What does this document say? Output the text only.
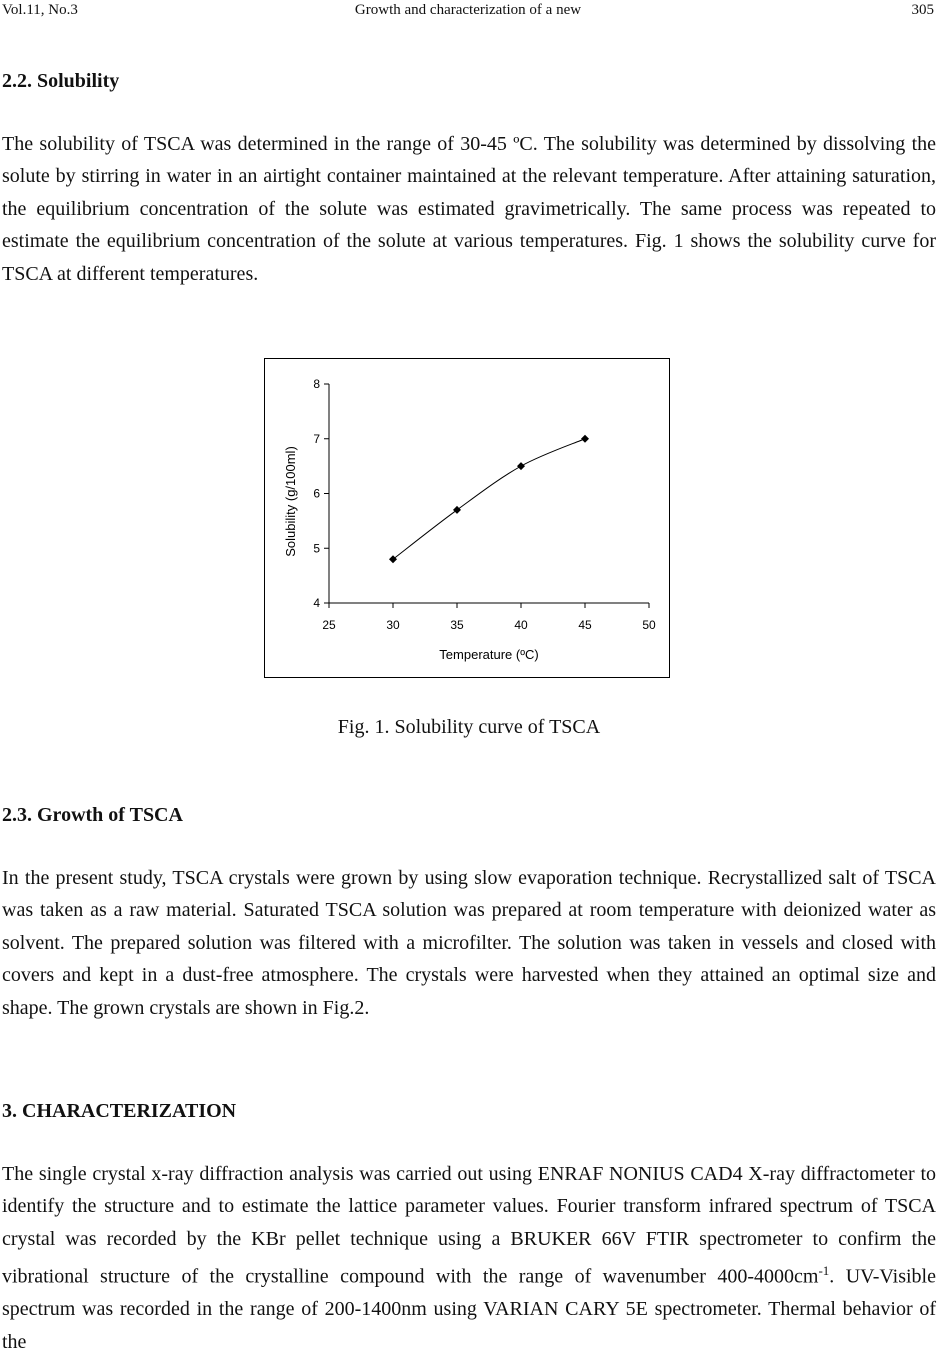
Vol.11, No.3	Growth and characterization of a new	305
2.2. Solubility

The solubility of TSCA was determined in the range of 30-45 ºC. The solubility was determined by dissolving the solute by stirring in water in an airtight container maintained at the relevant temperature. After attaining saturation, the equilibrium concentration of the solute was estimated gravimetrically. The same process was repeated to estimate the equilibrium concentration of the solute at various temperatures. Fig. 1 shows the solubility curve for TSCA at different temperatures.

4
5
6
7
8
25	30	35	40	45	50
Temperature (ºC)
Solubility (g/100ml)
Fig. 1. Solubility curve of TSCA
2.3. Growth of TSCA

In the present study, TSCA crystals were grown by using slow evaporation technique. Recrystallized salt of TSCA was taken as a raw material. Saturated TSCA solution was prepared at room temperature with deionized water as solvent. The prepared solution was filtered with a microfilter. The solution was taken in vessels and closed with covers and kept in a dust-free atmosphere. The crystals were harvested when they attained an optimal size and shape. The grown crystals are shown in Fig.2.

3. CHARACTERIZATION

The single crystal x-ray diffraction analysis was carried out using ENRAF NONIUS CAD4 X-ray diffractometer to identify the structure and to estimate the lattice parameter values. Fourier transform infrared spectrum of TSCA crystal was recorded by the KBr pellet technique using a BRUKER 66V FTIR spectrometer to confirm the vibrational structure of the crystalline compound with the range of wavenumber $400-4000cm^{-1}$. UV-Visible spectrum was recorded in the range of 200-1400nm using VARIAN CARY 5E spectrometer. Thermal behavior of the
